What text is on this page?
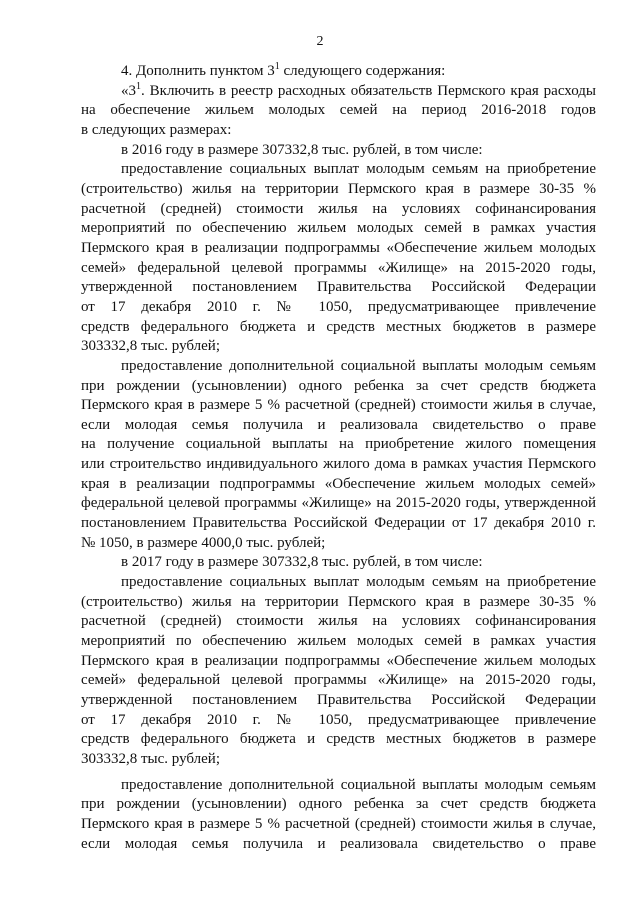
2
4. Дополнить пунктом $3^1$ следующего содержания:
«$3^1$. Включить в реестр расходных обязательств Пермского края расходы
на обеспечение жильем молодых семей на период 2016-2018 годов
в следующих размерах:
в 2016 году в размере 307332,8 тыс. рублей, в том числе:
предоставление социальных выплат молодым семьям на приобретение
(строительство) жилья на территории Пермского края в размере 30-35 %
расчетной (средней) стоимости жилья на условиях софинансирования
мероприятий по обеспечению жильем молодых семей в рамках участия
Пермского края в реализации подпрограммы «Обеспечение жильем молодых
семей» федеральной целевой программы «Жилище» на 2015-2020 годы,
утвержденной постановлением Правительства Российской Федерации
от 17 декабря 2010 г. № 1050, предусматривающее привлечение
средств федерального бюджета и средств местных бюджетов в размере
303332,8 тыс. рублей;
предоставление дополнительной социальной выплаты молодым семьям
при рождении (усыновлении) одного ребенка за счет средств бюджета
Пермского края в размере 5 % расчетной (средней) стоимости жилья в случае,
если молодая семья получила и реализовала свидетельство о праве
на получение социальной выплаты на приобретение жилого помещения
или строительство индивидуального жилого дома в рамках участия Пермского
края в реализации подпрограммы «Обеспечение жильем молодых семей»
федеральной целевой программы «Жилище» на 2015-2020 годы, утвержденной
постановлением Правительства Российской Федерации от 17 декабря 2010 г.
№ 1050, в размере 4000,0 тыс. рублей;
в 2017 году в размере 307332,8 тыс. рублей, в том числе:
предоставление социальных выплат молодым семьям на приобретение
(строительство) жилья на территории Пермского края в размере 30-35 %
расчетной (средней) стоимости жилья на условиях софинансирования
мероприятий по обеспечению жильем молодых семей в рамках участия
Пермского края в реализации подпрограммы «Обеспечение жильем молодых
семей» федеральной целевой программы «Жилище» на 2015-2020 годы,
утвержденной постановлением Правительства Российской Федерации
от 17 декабря 2010 г. № 1050, предусматривающее привлечение
средств федерального бюджета и средств местных бюджетов в размере
303332,8 тыс. рублей;
предоставление дополнительной социальной выплаты молодым семьям
при рождении (усыновлении) одного ребенка за счет средств бюджета
Пермского края в размере 5 % расчетной (средней) стоимости жилья в случае,
если молодая семья получила и реализовала свидетельство о праве
